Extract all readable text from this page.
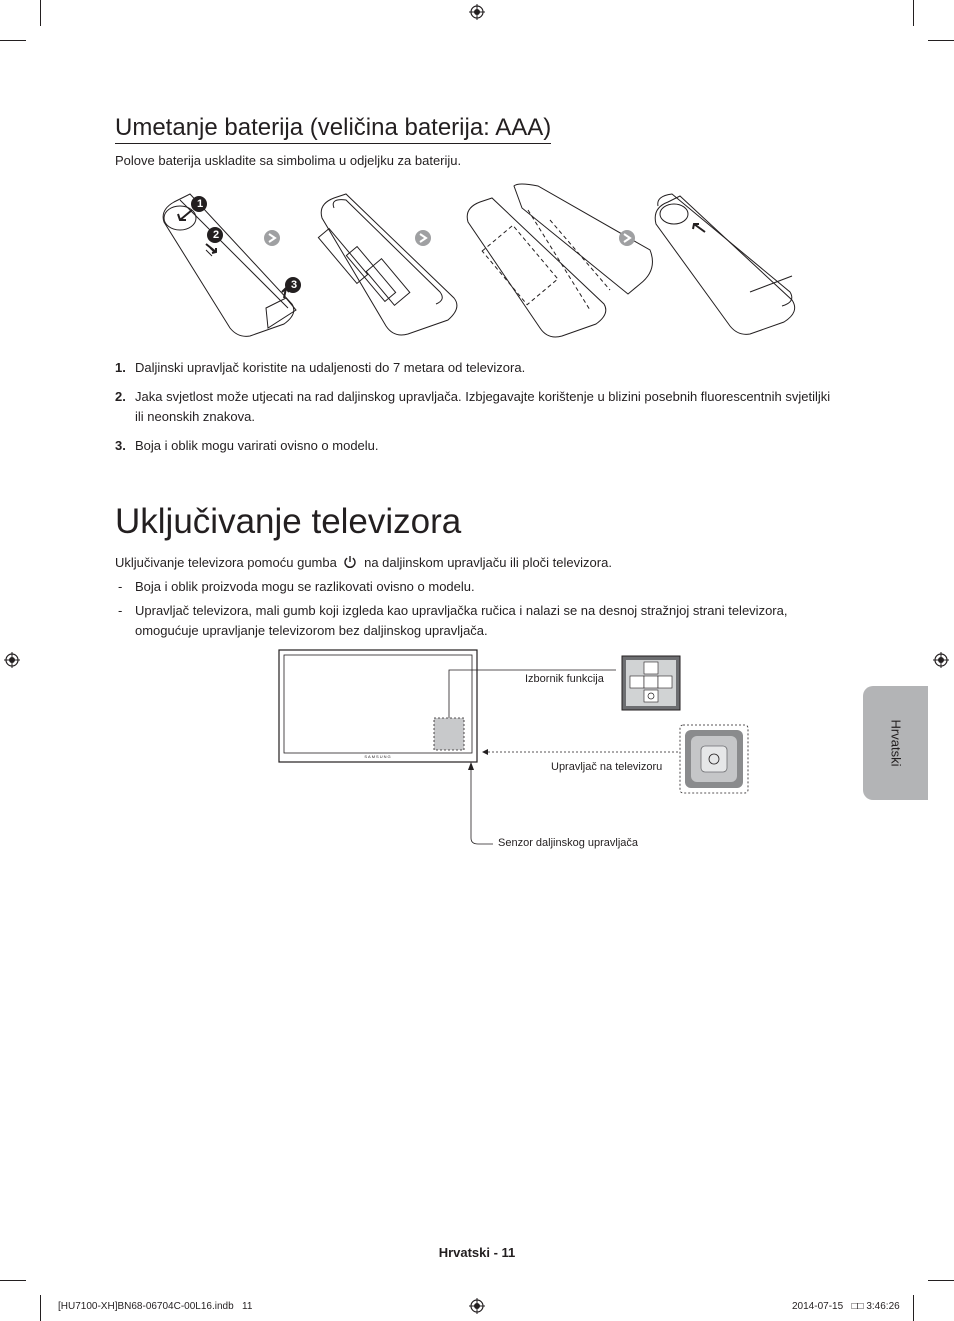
Umetanje baterija (veličina baterija: AAA)
Polove baterija uskladite sa simbolima u odjeljku za bateriju.
1
2
3
1. Daljinski upravljač koristite na udaljenosti do 7 metara od televizora.
2. Jaka svjetlost može utjecati na rad daljinskog upravljača. Izbjegavajte korištenje u blizini posebnih fluorescentnih svjetiljki ili neonskih znakova.
3. Boja i oblik mogu varirati ovisno o modelu.
Uključivanje televizora
Uključivanje televizora pomoću gumba na daljinskom upravljaču ili ploči televizora.
- Boja i oblik proizvoda mogu se razlikovati ovisno o modelu.
- Upravljač televizora, mali gumb koji izgleda kao upravljačka ručica i nalazi se na desnoj stražnjoj strani televizora, omogućuje upravljanje televizorom bez daljinskog upravljača.
SAMSUNG
Izbornik funkcija
Upravljač na televizoru
Senzor daljinskog upravljača
Hrvatski
Hrvatski - 11
[HU7100-XH]BN68-06704C-00L16.indb   11	2014-07-15   □□ 3:46:26
